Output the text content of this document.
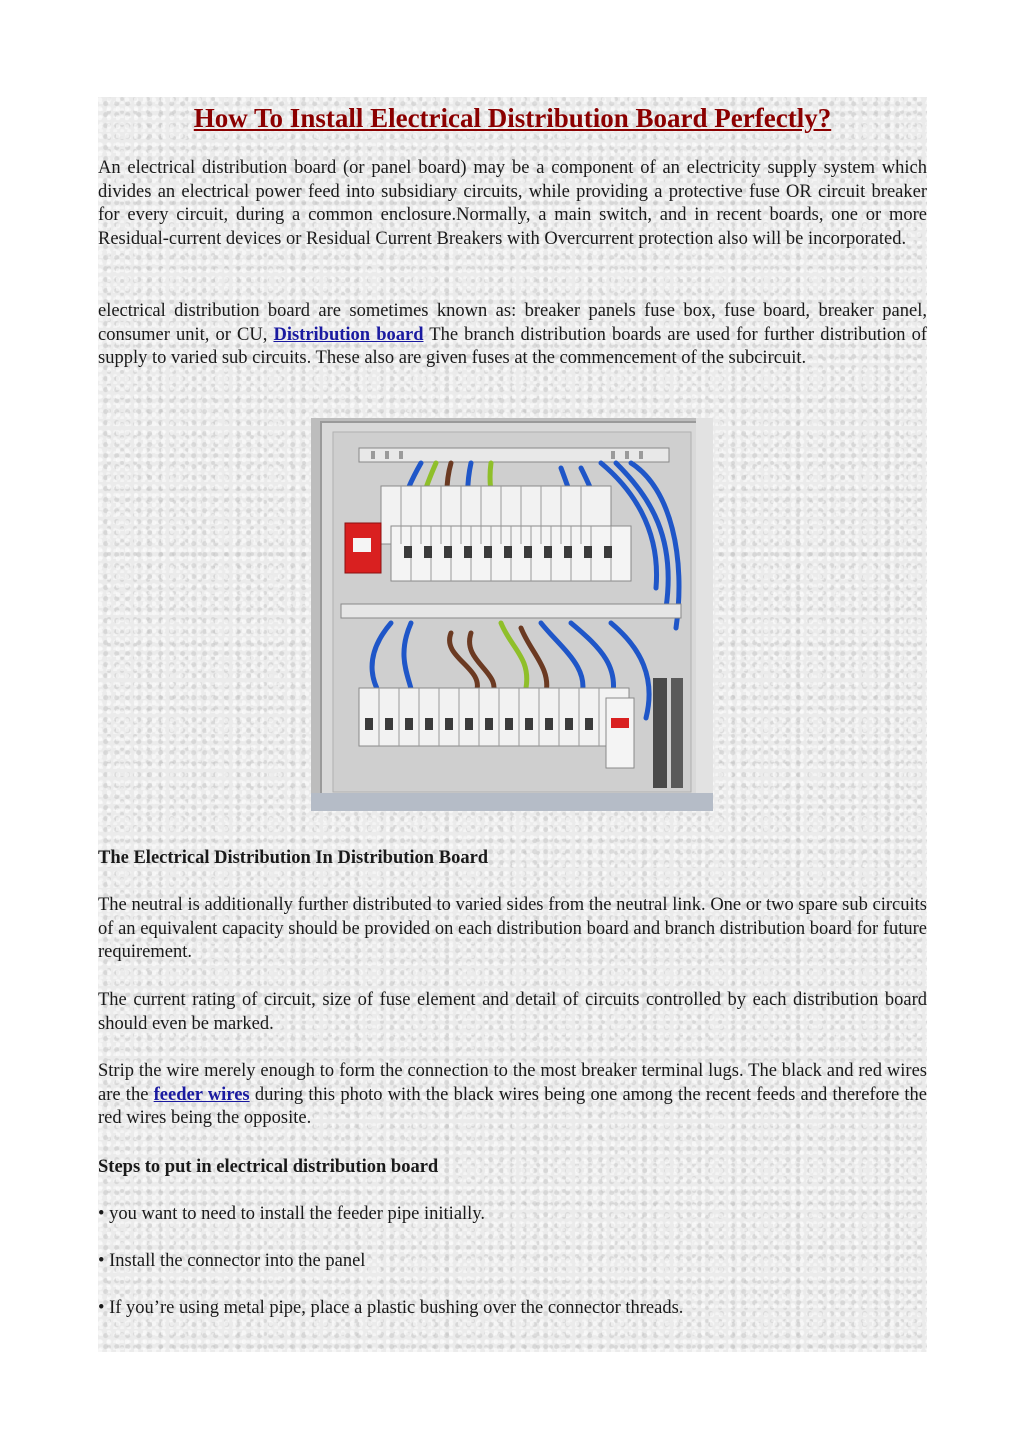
How To Install Electrical Distribution Board Perfectly?

An electrical distribution board (or panel board) may be a component of an electricity supply system which divides an electrical power feed into subsidiary circuits, while providing a protective fuse OR circuit breaker for every circuit, during a common enclosure.Normally, a main switch, and in recent boards, one or more Residual-current devices or Residual Current Breakers with Overcurrent protection also will be incorporated.

electrical distribution board are sometimes known as: breaker panels fuse box, fuse board, breaker panel, consumer unit, or CU, Distribution board The branch distribution boards are used for further distribution of supply to varied sub circuits. These also are given fuses at the commencement of the subcircuit.

The Electrical Distribution In Distribution Board

The neutral is additionally further distributed to varied sides from the neutral link. One or two spare sub circuits of an equivalent capacity should be provided on each distribution board and branch distribution board for future requirement.

The current rating of circuit, size of fuse element and detail of circuits controlled by each distribution board should even be marked.

Strip the wire merely enough to form the connection to the most breaker terminal lugs. The black and red wires are the feeder wires during this photo with the black wires being one among the recent feeds and therefore the red wires being the opposite.

Steps to put in electrical distribution board

• you want to need to install the feeder pipe initially.

• Install the connector into the panel

• If you’re using metal pipe, place a plastic bushing over the connector threads.
